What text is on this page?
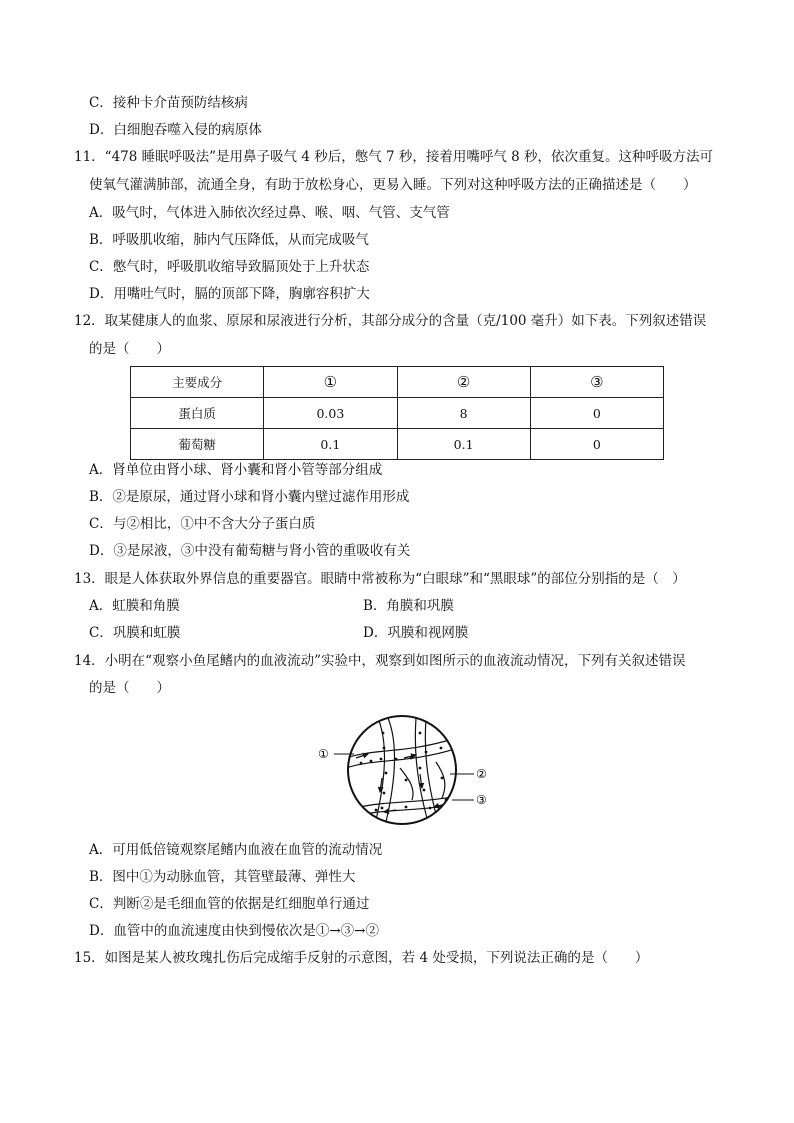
C．接种卡介苗预防结核病
D．白细胞吞噬入侵的病原体
11．“478 睡眠呼吸法”是用鼻子吸气 4 秒后，憋气 7 秒，接着用嘴呼气 8 秒，依次重复。这种呼吸方法可
使氧气灌满肺部，流通全身，有助于放松身心，更易入睡。下列对这种呼吸方法的正确描述是（　　）
A．吸气时，气体进入肺依次经过鼻、喉、咽、气管、支气管
B．呼吸肌收缩，肺内气压降低，从而完成吸气
C．憋气时，呼吸肌收缩导致膈顶处于上升状态
D．用嘴吐气时，膈的顶部下降，胸廓容积扩大
12．取某健康人的血浆、原尿和尿液进行分析，其部分成分的含量（克/100 毫升）如下表。下列叙述错误
的是（　　）
主要成分	①	②	③
蛋白质	0.03	8	0
葡萄糖	0.1	0.1	0
A．肾单位由肾小球、肾小囊和肾小管等部分组成
B．②是原尿，通过肾小球和肾小囊内壁过滤作用形成
C．与②相比，①中不含大分子蛋白质
D．③是尿液，③中没有葡萄糖与肾小管的重吸收有关
13．眼是人体获取外界信息的重要器官。眼睛中常被称为“白眼球”和“黑眼球”的部位分别指的是（　）
A．虹膜和角膜	B．角膜和巩膜
C．巩膜和虹膜	D．巩膜和视网膜
14．小明在“观察小鱼尾鳍内的血液流动”实验中，观察到如图所示的血液流动情况，下列有关叙述错误
的是（　　）
①
②
③
A．可用低倍镜观察尾鳍内血液在血管的流动情况
B．图中①为动脉血管，其管壁最薄、弹性大
C．判断②是毛细血管的依据是红细胞单行通过
D．血管中的血流速度由快到慢依次是①→③→②
15．如图是某人被玫瑰扎伤后完成缩手反射的示意图，若 4 处受损，下列说法正确的是（　　）
